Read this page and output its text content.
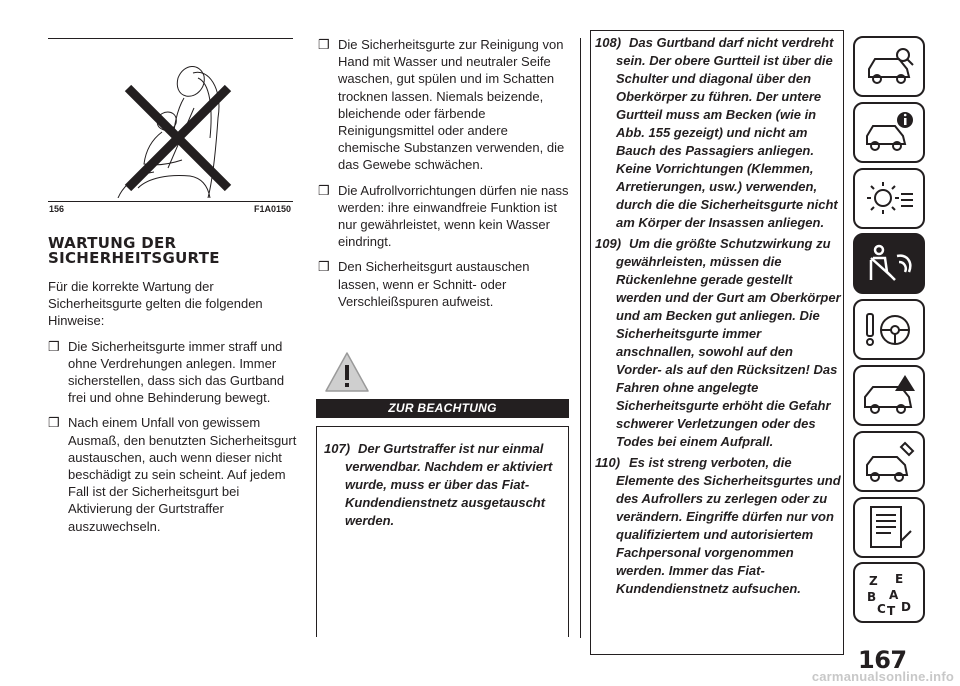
156	F1A0150
WARTUNG DER
SICHERHEITSGURTE
Für die korrekte Wartung der Sicherheitsgurte gelten die folgenden Hinweise:
❒ Die Sicherheitsgurte immer straff und ohne Verdrehungen anlegen. Immer sicherstellen, dass sich das Gurtband frei und ohne Behinderung bewegt.
❒ Nach einem Unfall von gewissem Ausmaß, den benutzten Sicherheitsgurt austauschen, auch wenn dieser nicht beschädigt zu sein scheint. Auf jedem Fall ist der Sicherheitsgurt bei Aktivierung der Gurtstraffer auszuwechseln.
❒ Die Sicherheitsgurte zur Reinigung von Hand mit Wasser und neutraler Seife waschen, gut spülen und im Schatten trocknen lassen. Niemals beizende, bleichende oder färbende Reinigungsmittel oder andere chemische Substanzen verwenden, die das Gewebe schwächen.
❒ Die Aufrollvorrichtungen dürfen nie nass werden: ihre einwandfreie Funktion ist nur gewährleistet, wenn kein Wasser eindringt.
❒ Den Sicherheitsgurt austauschen lassen, wenn er Schnitt- oder Verschleißspuren aufweist.
ZUR BEACHTUNG
107) Der Gurtstraffer ist nur einmal verwendbar. Nachdem er aktiviert wurde, muss er über das Fiat-Kundendienstnetz ausgetauscht werden.
108) Das Gurtband darf nicht verdreht sein. Der obere Gurtteil ist über die Schulter und diagonal über den Oberkörper zu führen. Der untere Gurtteil muss am Becken (wie in Abb. 155 gezeigt) und nicht am Bauch des Passagiers anliegen. Keine Vorrichtungen (Klemmen, Arretierungen, usw.) verwenden, durch die die Sicherheitsgurte nicht am Körper der Insassen anliegen.
109) Um die größte Schutzwirkung zu gewährleisten, müssen die Rückenlehne gerade gestellt werden und der Gurt am Oberkörper und am Becken gut anliegen. Die Sicherheitsgurte immer anschnallen, sowohl auf den Vorder- als auf den Rücksitzen! Das Fahren ohne angelegte Sicherheitsgurte erhöht die Gefahr schwerer Verletzungen oder des Todes bei einem Aufprall.
110) Es ist streng verboten, die Elemente des Sicherheitsgurtes und des Aufrollers zu zerlegen oder zu verändern. Eingriffe dürfen nur von qualifiziertem und autorisiertem Fachpersonal vorgenommen werden. Immer das Fiat-Kundendienstnetz aufsuchen.
Z E
B A
C D
T
167
carmanualsonline.info
